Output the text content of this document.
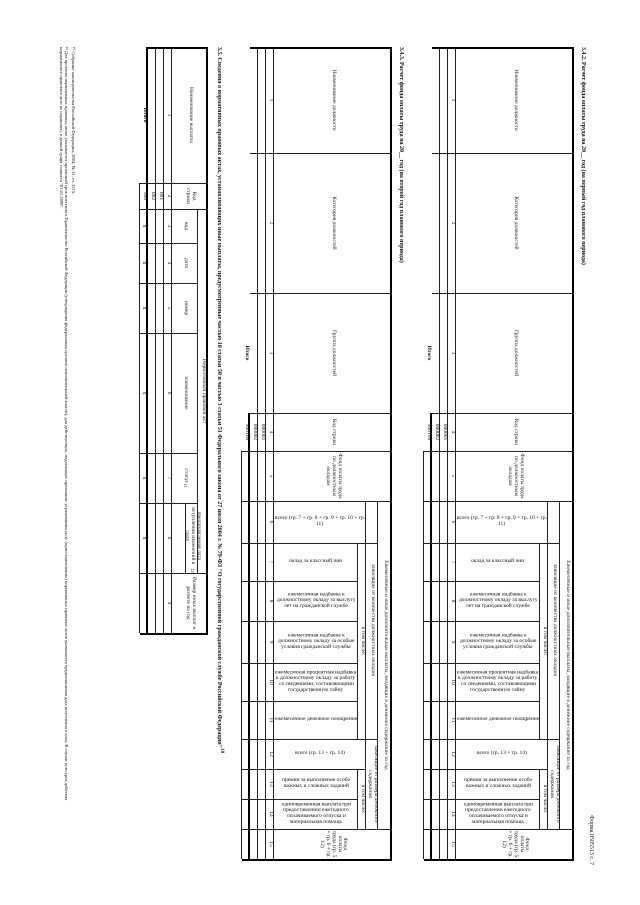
Форма 0505513 с. 7
3.4.2. Расчет фонда оплаты труда на 20__ год (на первый год планового периода)
3.4.3. Расчет фонда оплаты труда на 20__ год (на второй год планового периода)
3.5. Сведения о нормативных правовых актах, устанавливающих иные выплаты, предусмотренные частью 10 статьи 50 и частью 3 статьи 51 Федерального закона от 27 июля 2004 г. № 79-ФЗ "О государственной гражданской службе Российской Федерации"$^{10}$
¹⁰ Собрание законодательства Российской Федерации, 2004, № 31, ст. 3215.
¹¹ Для проектов нормативных правовых актов указывается проектный срок внесения в Правительство Российской Федерации (утверждения федеральным органом исполнительной власти), для действующих, подлежащих признанию утратившими силу (приостановлению) нормативных правовых актов указывается предполагаемая дата вступления в силу. В случае если срок действия нормативного правового акта не ограничен, в данной графе ставится "01.01.2099".	Наименование должности
Категория должностей
Группа должностей
Код строки
Фонд оплаты труда по должностным окладам
Фонд оплаты труда (гр. 5 + гр. 6 + гр. 12)
Ежемесячные и иные дополнительные выплаты, входящие в денежное содержание за год
зависящие от количества должностных окладов
зависящие от размера денежного содержания
в том числе:
в том числе:
всего (гр. 7 + гр. 8 + гр. 9 + гр. 10 + гр. 11)
оклад за классный чин
ежемесячная надбавка к должностному окладу за выслугу лет на гражданской службе
ежемесячная надбавка к должностному окладу за особые условия гражданской службы
ежемесячная процентная надбавка к должностному окладу за работу со сведениями, составляющими государственную тайну
ежемесячное денежное поощрение
всего (гр. 13 + гр. 14)
премии за выполнение особо важных и сложных заданий
единовременная выплата при предоставлении ежегодного оплачиваемого отпуска и материальная помощь
1
2
3
4
5
6
7
8
9
10
11
12
13
14
15
000001
000002
Итого
900100
Наименование должности
Категория должностей
Группа должностей
Код строки
Фонд оплаты труда по должностным окладам
Фонд оплаты труда (гр. 5 + гр. 6 + гр. 12)
Ежемесячные и иные дополнительные выплаты, входящие в денежное содержание за год
зависящие от количества должностных окладов
зависящие от размера денежного содержания
в том числе:
в том числе:
всего (гр. 7 + гр. 8 + гр. 9 + гр. 10 + гр. 11)
оклад за классный чин
ежемесячная надбавка к должностному окладу за выслугу лет на гражданской службе
ежемесячная надбавка к должностному окладу за особые условия гражданской службы
ежемесячная процентная надбавка к должностному окладу за работу со сведениями, составляющими государственную тайну
ежемесячное денежное поощрение
всего (гр. 13 + гр. 14)
премии за выполнение особо важных и сложных заданий
единовременная выплата при предоставлении ежегодного оплачиваемого отпуска и материальная помощь
1
2
3
4
5
6
7
8
9
10
11
12
13
14
15
000001
000002
Итого
900100
Наименование выплаты
Код строки
Нормативный правовой акт
вид
дата
номер
наименование
статус
11
предполагаемая дата вступления изменений в силу
11
Размер иных выплат в расчете на год
1
2
3
4
5
6
7
8
9
001
002
Итого
900
x
x
x
x
x
x
